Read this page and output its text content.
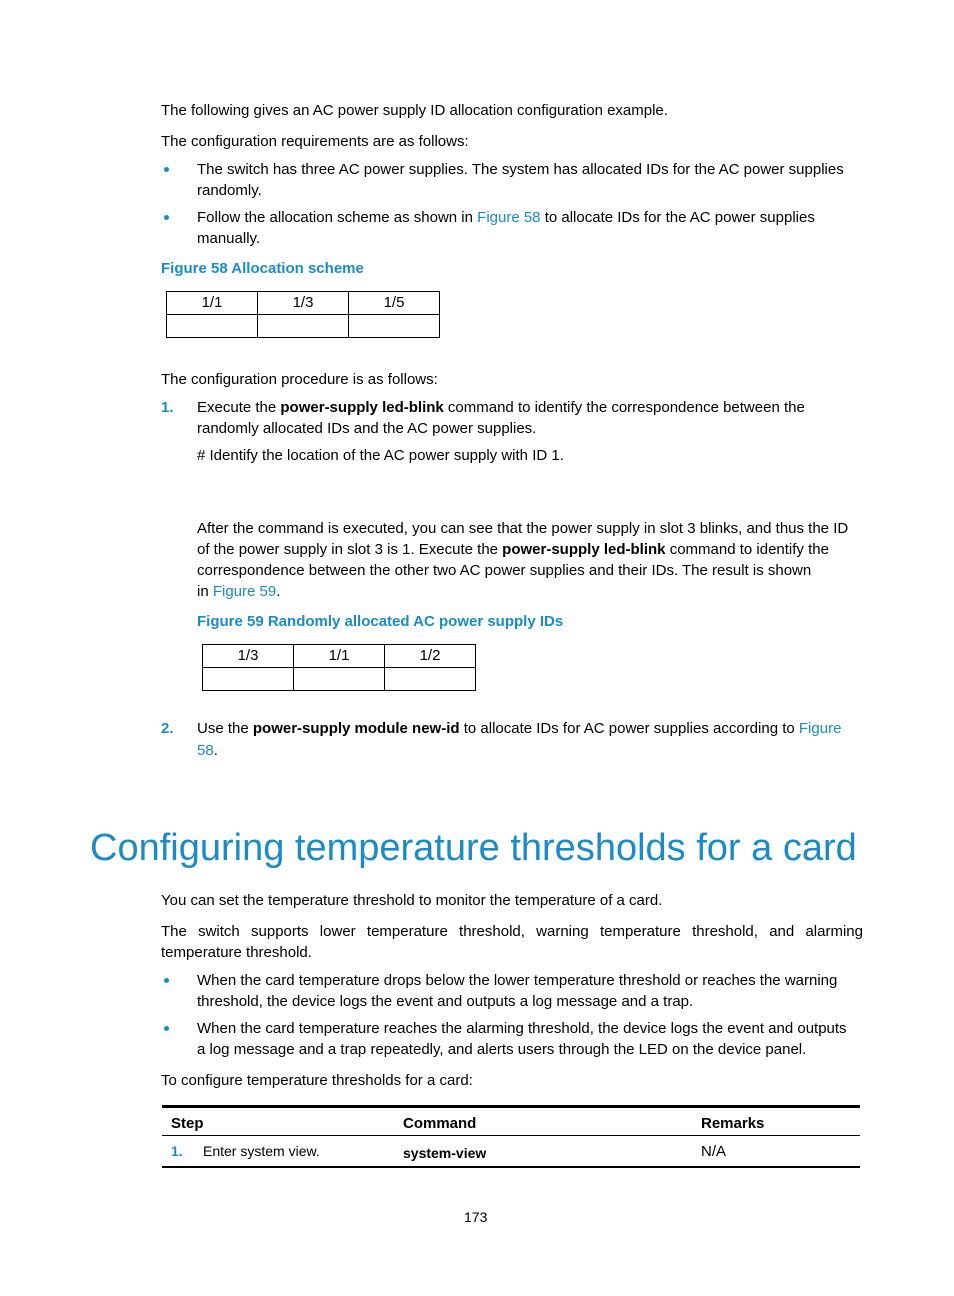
The following gives an AC power supply ID allocation configuration example.

The configuration requirements are as follows:

The switch has three AC power supplies. The system has allocated IDs for the AC power supplies

randomly.

Follow the allocation scheme as shown in Figure 58 to allocate IDs for the AC power supplies

manually.

Figure 58 Allocation scheme
1/1	1/3	1/5

The configuration procedure is as follows:

1. Execute the power-supply led-blink command to identify the correspondence between the

randomly allocated IDs and the AC power supplies.

# Identify the location of the AC power supply with ID 1.

After the command is executed, you can see that the power supply in slot 3 blinks, and thus the ID

of the power supply in slot 3 is 1. Execute the power-supply led-blink command to identify the

correspondence between the other two AC power supplies and their IDs. The result is shown

in Figure 59.

Figure 59 Randomly allocated AC power supply IDs
1/3	1/1	1/2

2. Use the power-supply module new-id to allocate IDs for AC power supplies according to Figure

58.

Configuring temperature thresholds for a card

You can set the temperature threshold to monitor the temperature of a card.

The switch supports lower temperature threshold, warning temperature threshold, and alarming

temperature threshold.

When the card temperature drops below the lower temperature threshold or reaches the warning

threshold, the device logs the event and outputs a log message and a trap.

When the card temperature reaches the alarming threshold, the device logs the event and outputs

a log message and a trap repeatedly, and alerts users through the LED on the device panel.

To configure temperature thresholds for a card:

Step	Command	Remarks
1. Enter system view.	system-view	N/A
173
